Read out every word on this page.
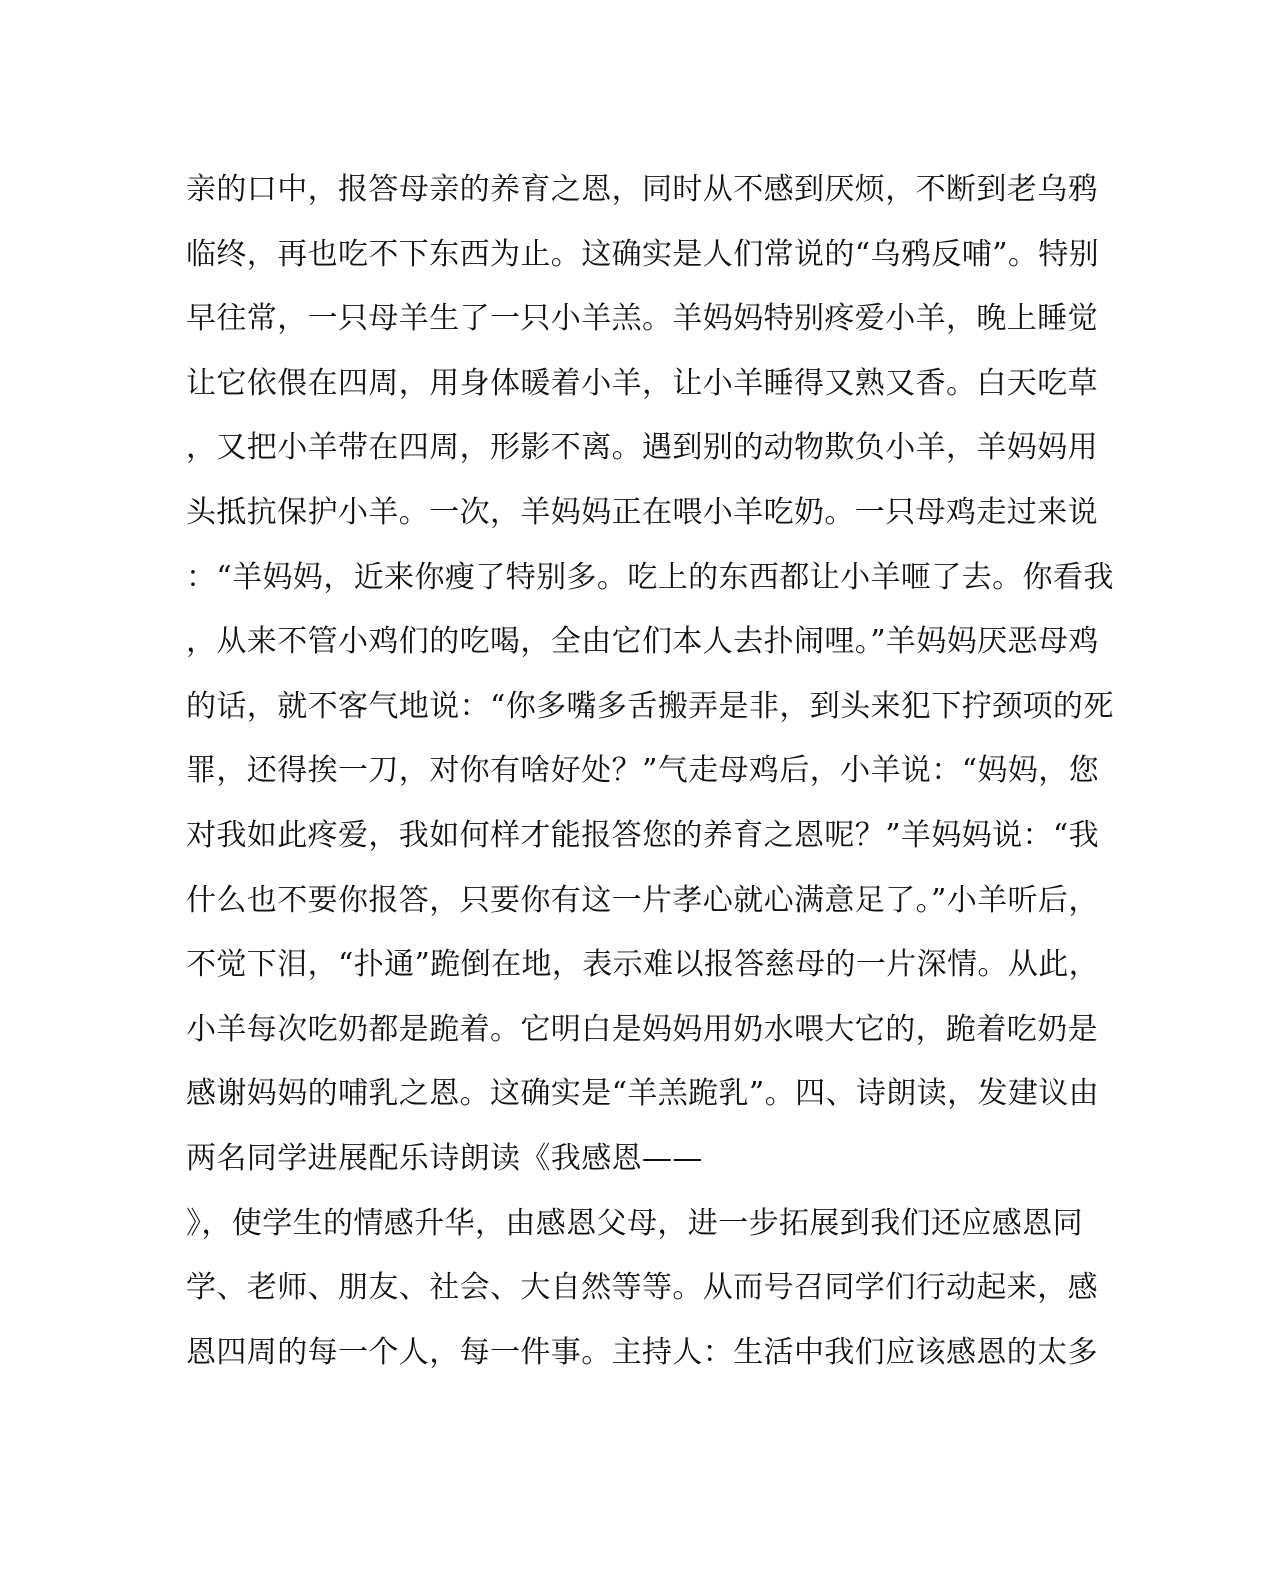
亲的口中，报答母亲的养育之恩，同时从不感到厌烦，不断到老乌鸦
临终，再也吃不下东西为止。这确实是人们常说的“乌鸦反哺”。特别
早往常，一只母羊生了一只小羊羔。羊妈妈特别疼爱小羊，晚上睡觉
让它依偎在四周，用身体暖着小羊，让小羊睡得又熟又香。白天吃草
，又把小羊带在四周，形影不离。遇到别的动物欺负小羊，羊妈妈用
头抵抗保护小羊。一次，羊妈妈正在喂小羊吃奶。一只母鸡走过来说
：“羊妈妈，近来你瘦了特别多。吃上的东西都让小羊咂了去。你看我
，从来不管小鸡们的吃喝，全由它们本人去扑闹哩。”羊妈妈厌恶母鸡
的话，就不客气地说：“你多嘴多舌搬弄是非，到头来犯下拧颈项的死
罪，还得挨一刀，对你有啥好处？”气走母鸡后，小羊说：“妈妈，您
对我如此疼爱，我如何样才能报答您的养育之恩呢？”羊妈妈说：“我
什么也不要你报答，只要你有这一片孝心就心满意足了。”小羊听后，
不觉下泪，“扑通”跪倒在地，表示难以报答慈母的一片深情。从此，
小羊每次吃奶都是跪着。它明白是妈妈用奶水喂大它的，跪着吃奶是
感谢妈妈的哺乳之恩。这确实是“羊羔跪乳”。四、诗朗读，发建议由
两名同学进展配乐诗朗读《我感恩——
》，使学生的情感升华，由感恩父母，进一步拓展到我们还应感恩同
学、老师、朋友、社会、大自然等等。从而号召同学们行动起来，感
恩四周的每一个人，每一件事。主持人：生活中我们应该感恩的太多
